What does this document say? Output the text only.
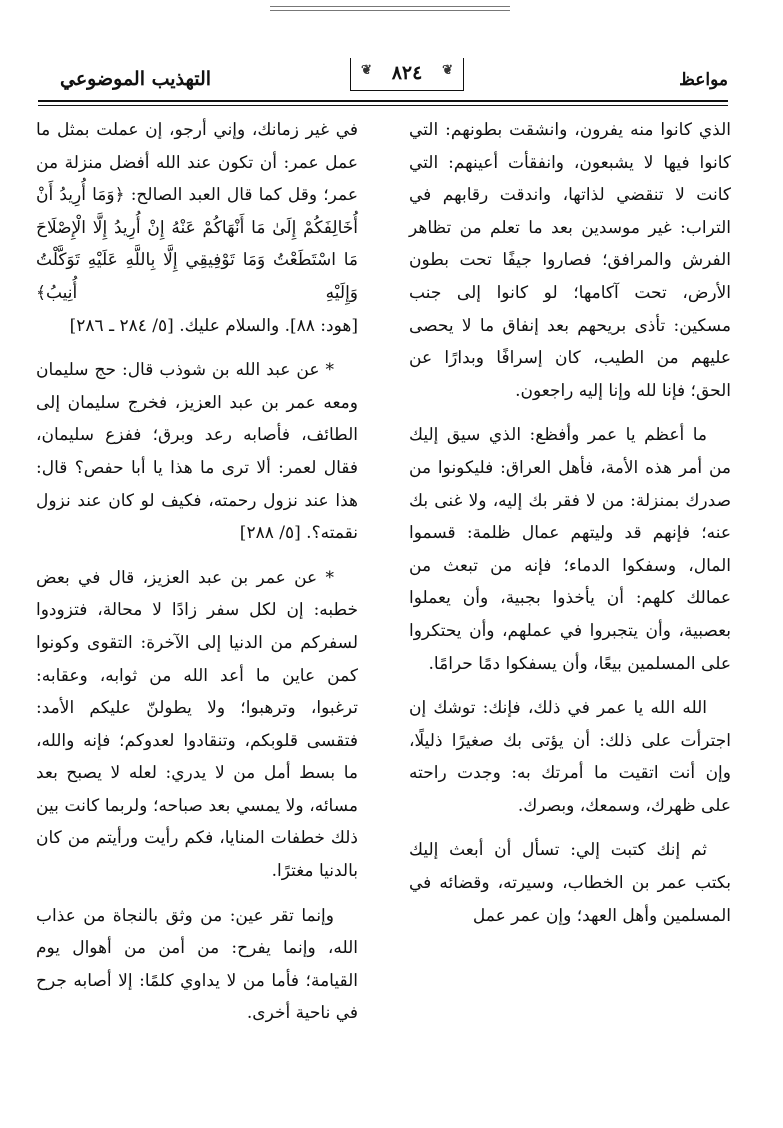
مواعظ
❦
٨٢٤
❦
التهذيب الموضوعي

الذي كانوا منه يفرون، وانشقت بطونهم: التي كانوا فيها لا يشبعون، وانفقأت أعينهم: التي كانت لا تنقضي لذاتها، واندقت رقابهم في التراب: غير موسدين بعد ما تعلم من تظاهر الفرش والمرافق؛ فصاروا جيفًا تحت بطون الأرض، تحت آكامها؛ لو كانوا إلى جنب مسكين: تأذى بريحهم بعد إنفاق ما لا يحصى عليهم من الطيب، كان إسرافًا وبدارًا عن الحق؛ فإنا لله وإنا إليه راجعون.

ما أعظم يا عمر وأفظع: الذي سيق إليك من أمر هذه الأمة، فأهل العراق: فليكونوا من صدرك بمنزلة: من لا فقر بك إليه، ولا غنى بك عنه؛ فإنهم قد وليتهم عمال ظلمة: قسموا المال، وسفكوا الدماء؛ فإنه من تبعث من عمالك كلهم: أن يأخذوا بجبية، وأن يعملوا بعصبية، وأن يتجبروا في عملهم، وأن يحتكروا على المسلمين بيعًا، وأن يسفكوا دمًا حرامًا.

الله الله يا عمر في ذلك، فإنك: توشك إن اجترأت على ذلك: أن يؤتى بك صغيرًا ذليلًا، وإن أنت اتقيت ما أمرتك به: وجدت راحته على ظهرك، وسمعك، وبصرك.

ثم إنك كتبت إلي: تسأل أن أبعث إليك بكتب عمر بن الخطاب، وسيرته، وقضائه في المسلمين وأهل العهد؛ وإن عمر عمل

في غير زمانك، وإني أرجو، إن عملت بمثل ما عمل عمر: أن تكون عند الله أفضل منزلة من عمر؛ وقل كما قال العبد الصالح: ﴿وَمَا أُرِيدُ أَنْ أُخَالِفَكُمْ إِلَىٰ مَا أَنْهَاكُمْ عَنْهُ إِنْ أُرِيدُ إِلَّا الْإِصْلَاحَ مَا اسْتَطَعْتُ وَمَا تَوْفِيقِي إِلَّا بِاللَّهِ عَلَيْهِ تَوَكَّلْتُ وَإِلَيْهِ أُنِيبُ﴾ [هود: ٨٨]. والسلام عليك. [٥/ ٢٨٤ ـ ٢٨٦]

* عن عبد الله بن شوذب قال: حج سليمان ومعه عمر بن عبد العزيز، فخرج سليمان إلى الطائف، فأصابه رعد وبرق؛ ففزع سليمان، فقال لعمر: ألا ترى ما هذا يا أبا حفص؟ قال: هذا عند نزول رحمته، فكيف لو كان عند نزول نقمته؟. [٥/ ٢٨٨]

* عن عمر بن عبد العزيز، قال في بعض خطبه: إن لكل سفر زادًا لا محالة، فتزودوا لسفركم من الدنيا إلى الآخرة: التقوى وكونوا كمن عاين ما أعد الله من ثوابه، وعقابه: ترغبوا، وترهبوا؛ ولا يطولنّ عليكم الأمد: فتقسى قلوبكم، وتنقادوا لعدوكم؛ فإنه والله، ما بسط أمل من لا يدري: لعله لا يصبح بعد مسائه، ولا يمسي بعد صباحه؛ ولربما كانت بين ذلك خطفات المنايا، فكم رأيت ورأيتم من كان بالدنيا مغترًا.

وإنما تقر عين: من وثق بالنجاة من عذاب الله، وإنما يفرح: من أمن من أهوال يوم القيامة؛ فأما من لا يداوي كلمًا: إلا أصابه جرح في ناحية أخرى.
